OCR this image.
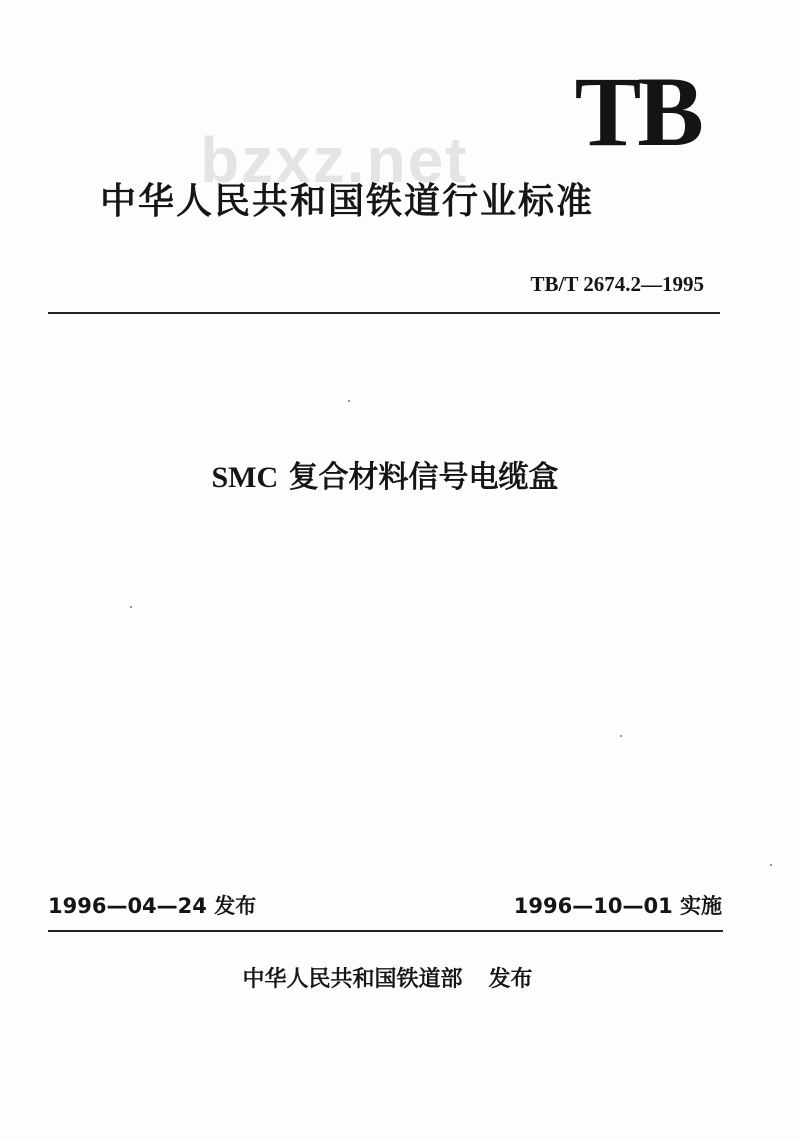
bzxz.net TB
中华人民共和国铁道行业标准
TB/T 2674.2—1995
SMC 复合材料信号电缆盒
1996—04—24 发布	1996—10—01 实施
中华人民共和国铁道部 发布
